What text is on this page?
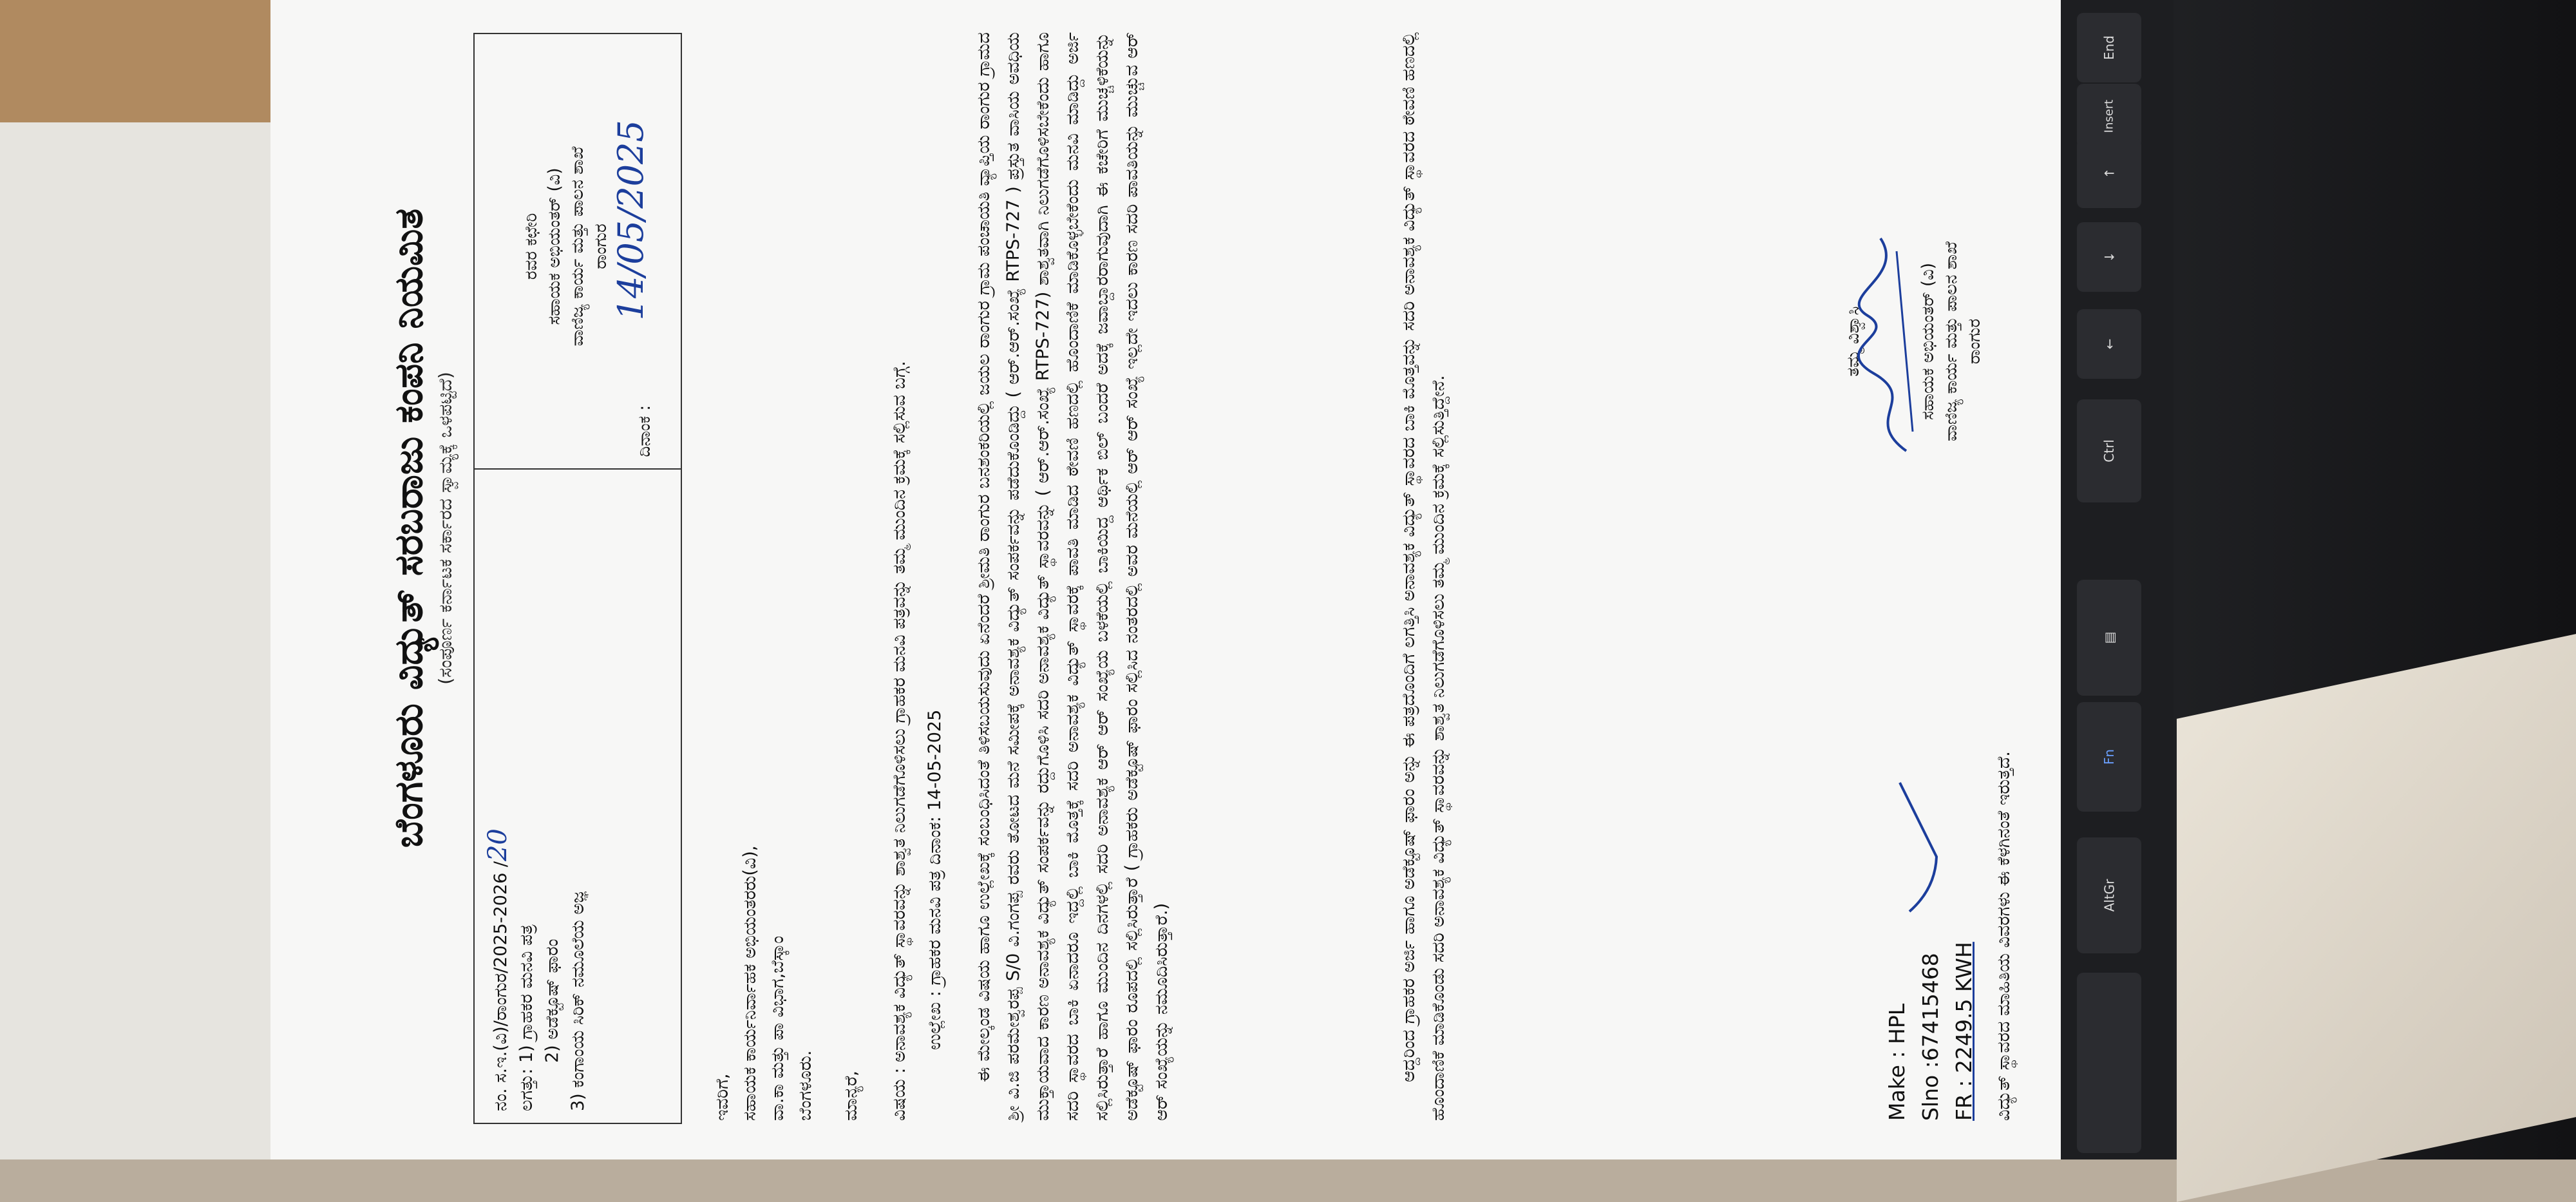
End
Insert
↑
↓
←
Ctrl
▤
Fn
AltGr
ಬೆಂಗಳೂರು ವಿದ್ಯುತ್ ಸರಬರಾಜು ಕಂಪನಿ ನಿಯಮಿತ (ಸಂಪೂರ್ಣ ಕರ್ನಾಟಕ ಸರ್ಕಾರದ ಸ್ವಾಮ್ಯಕ್ಕೆ ಒಳಪಟ್ಟಿದೆ)
ನಂ. ಸ.ಇ.(ವಿ)/ರಾಂಗುರ/2025-2026 /20
ಲಗತ್ತು: 1) ಗ್ರಾಹಕರ ಮನವಿ ಪತ್ರ 2) ಅಡೆಕ್ಟೂಷ್ ಫಾರಂ 3) ಕಂಗಾಂಯ ಸಿರಿಕ್ ನಮೂಲೆಯ ಅಜ್ಞ
ರವರ ಕಛೇರಿ ಸಹಾಯಕ ಅಭಿಯಂತರ್ (ವಿ) ವಾಣಿಜ್ಯ ಕಾರ್ಯ ಮತ್ತು ಪಾಲನ ಶಾಖೆ ರಾಂಗುರ
ದಿನಾಂಕ :
14/05/2025
ಇವರಿಗೆ, ಸಹಾಯಕ ಕಾರ್ಯನಿರ್ವಾಹಕ ಅಭಿಯಂತರರು(ವಿ), ವಾ.ಕಾ ಮತ್ತು ಪಾ ವಿಭಾಗ,ಬೆಸ್ಕಾಂ ಬೆಂಗಳೂರು. ಮಾನ್ಯರೆ, ವಿಷಯ : ಅನಾವಶ್ಯಕ ವಿದ್ಯುತ್ ಸ್ಥಾವರವನ್ನು ಶಾಶ್ವತ ನಿಲುಗಡೆಗೊಳಿಸಲು ಗ್ರಾಹಕರ ಮನವಿ ಪತ್ರವನ್ನು ತಮ್ಮ ಮುಂದಿನ ಕ್ರಮಕ್ಕೆ ಸಲ್ಲಿಸುವ ಬಗ್ಗೆ. ಉಲ್ಲೇಖ : ಗ್ರಾಹಕರ ಮನವಿ ಪತ್ರ ದಿನಾಂಕ: 14-05-2025 ಈ ಮೇಲ್ಕಂಡ ವಿಷಯ ಹಾಗೂ ಉಲ್ಲೇಖಕ್ಕೆ ಸಂಬಂಧಿಸಿದಂತೆ ತಿಳಿಸಬಯಸುವುದು ಏನೆಂದರೆ ಶ್ರೀಮತಿ ರಾಂಗುರ ಬನಶಂಕರಿಯಲ್ಲಿ ಜಯಲ ರಾಂಗುರ ಗ್ರಾಮ ಪಂಚಾಯತಿ ವ್ಯಾಪ್ತಿಯ ರಾಂಗುರ ಗ್ರಾಮದ ಶ್ರೀ ವಿ.ಜಿ ಪರಮೇಶ್ವರಪ್ಪ S/0 ವಿ.ಗಂಗಪ್ಪ ರವರು ತೋಟದ ಮನೆ ಸಮೀಪಕ್ಕೆ ಅನಾವಶ್ಯಕ ವಿದ್ಯುತ್ ಸಂಪರ್ಕವನ್ನು ಪಡೆದುಕೊಂಡಿದ್ದು ( ಆರ್.ಆರ್.ಸಂಖ್ಯೆ RTPS-727 ) ಪ್ರಸ್ತುತ ವಾಸಿಯ ಅವಧಿಯ ಮುಕ್ತಾಯವಾದ ಕಾರಣ ಅನಾವಶ್ಯಕ ವಿದ್ಯುತ್ ಸಂಪರ್ಕವನ್ನು ರದ್ದುಗೊಳಿಸಿ ಸದರಿ ಅನಾವಶ್ಯಕ ವಿದ್ಯುತ್ ಸ್ಥಾವರವನ್ನು ( ಆರ್.ಆರ್.ಸಂಖ್ಯೆ RTPS-727) ಶಾಶ್ವತವಾಗಿ ನಿಲುಗಡೆಗೊಳಿಸಬೇಕೆಂದು ಹಾಗೂ ಸದರಿ ಸ್ಥಾವರದ ಬಾಕಿ ಏನಾದರೂ ಇದ್ದಲ್ಲಿ ಬಾಕಿ ಮೊತ್ತಕ್ಕೆ ಸದರಿ ಅನಾವಶ್ಯಕ ವಿದ್ಯುತ್ ಸ್ಥಾವರಕ್ಕೆ ಪಾವತಿ ಮಾಡಿದ ಠೇವಣಿ ಹಣದಲ್ಲಿ ಹೊಂದಾಣಿಕೆ ಮಾಡಿಕೊಳ್ಳಬೇಕೆಂದು ಮನವಿ ಮಾಡಿದ್ದು ಅರ್ಜಿ ಸಲ್ಲಿಸಿರುತ್ತಾರೆ ಹಾಗೂ ಮುಂದಿನ ದಿನಗಳಲ್ಲಿ ಸದರಿ ಅನಾವಶ್ಯಕ ಆರ್ ಆರ್ ಸಂಖ್ಯೆಯ ಬಳಕೆಯಲ್ಲಿ ಬಾಕಿಯಿದ್ದ ಆರ್ಥಿಕ ಬಿಲ್ ಬಂದರೆ ಅದಕ್ಕೆ ಜವಾಬ್ದಾರರಾಗುವುದಾಗಿ ಈ ಕಚೇರಿಗೆ ಮುಚ್ಚಳಿಕೆಯನ್ನು ಅಡೆಕ್ಟೂಷ್ ಫಾರಂ ರೂಪದಲ್ಲಿ ಸಲ್ಲಿಸಿರುತ್ತಾರೆ ( ಗ್ರಾಹಕರು ಅಡೆಕ್ಟೂಷ್ ಫಾರಂ ಸಲ್ಲಿಸಿದ ನಂತರದಲ್ಲಿ ಅವರ ಮನೆಯಲ್ಲಿ ಆರ್ ಆರ್ ಸಂಖ್ಯೆ ಇಲ್ಲದೇ ಇದಲು ಕಾರಣ ಸದರಿ ಪಾವತಿಯನ್ನು ಮುಚ್ಚುವ ಆರ್ ಆರ್ ಸಂಖ್ಯೆಯನ್ನು ನಮೂದಿಸಿರುತ್ತಾರೆ.)	ಆದ್ದರಿಂದ ಗ್ರಾಹಕರ ಅರ್ಜಿ ಹಾಗೂ ಅಡೆಕ್ಟೂಷ್ ಫಾರಂ ಅನ್ನು ಈ ಪತ್ರದೊಂದಿಗೆ ಲಗತ್ತಿಸಿ ಅನಾವಶ್ಯಕ ವಿದ್ಯುತ್ ಸ್ಥಾವರದ ಬಾಕಿ ಮೊತ್ತವನ್ನು ಸದರಿ ಅನಾವಶ್ಯಕ ವಿದ್ಯುತ್ ಸ್ಥಾವರದ ಠೇವಣಿ ಹಣದಲ್ಲಿ ಹೊಂದಾಣಿಕೆ ಮಾಡಿಕೊಂಡು ಸದರಿ ಅನಾವಶ್ಯಕ ವಿದ್ಯುತ್ ಸ್ಥಾವರವನ್ನು ಶಾಶ್ವತ ನಿಲುಗಡೆಗೊಳಿಸಲು ತಮ್ಮ ಮುಂದಿನ ಕ್ರಮಕ್ಕೆ ಸಲ್ಲಿಸುತ್ತಿದ್ದೇನೆ.	Make : HPL Slno :67415468 FR : 2249.5 KWH ವಿದ್ಯುತ್ ಸ್ಥಾವರದ ಮಾಹಿತಿಯ ವಿವರಗಳು ಈ ಕೆಳಗಿನಂತೆ ಇರುತ್ತದೆ.
ತಮ್ಮ ವಿಶ್ವಾಸಿ	ಸಹಾಯಕ ಅಭಿಯಂತರ್ (ವಿ) ವಾಣಿಜ್ಯ ಕಾರ್ಯ ಮತ್ತು ಪಾಲನ ಶಾಖೆ ರಾಂಗುರ
